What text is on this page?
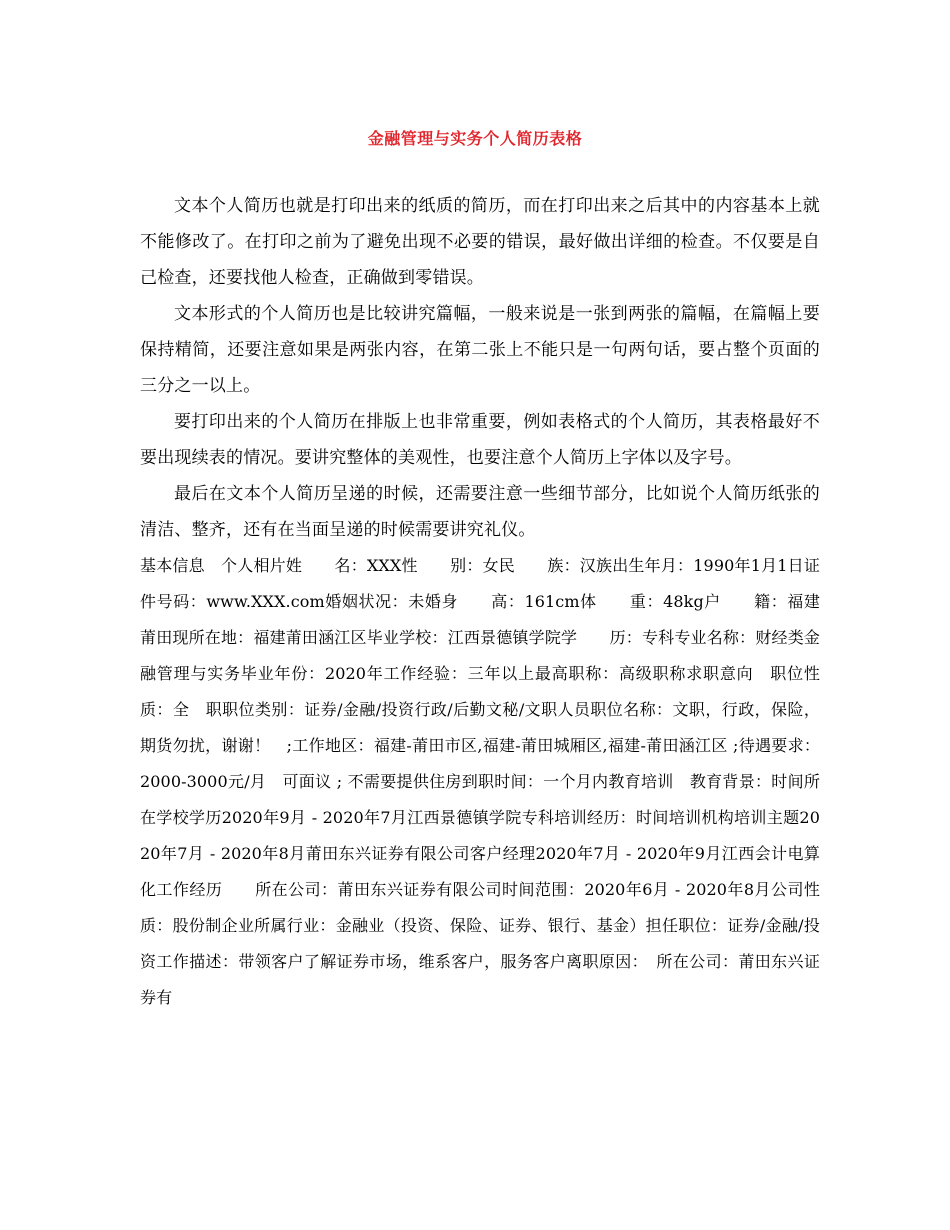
金融管理与实务个人简历表格

文本个人简历也就是打印出来的纸质的简历，而在打印出来之后其中的内容基本上就不能修改了。在打印之前为了避免出现不必要的错误，最好做出详细的检查。不仅要是自己检查，还要找他人检查，正确做到零错误。

文本形式的个人简历也是比较讲究篇幅，一般来说是一张到两张的篇幅，在篇幅上要保持精简，还要注意如果是两张内容，在第二张上不能只是一句两句话，要占整个页面的三分之一以上。

要打印出来的个人简历在排版上也非常重要，例如表格式的个人简历，其表格最好不要出现续表的情况。要讲究整体的美观性，也要注意个人简历上字体以及字号。

最后在文本个人简历呈递的时候，还需要注意一些细节部分，比如说个人简历纸张的清洁、整齐，还有在当面呈递的时候需要讲究礼仪。

基本信息　个人相片姓　　名：XXX性　　别：女民　　族：汉族出生年月：1990年1月1日证件号码：www.XXX.com婚姻状况：未婚身　　高：161cm体　　重：48kg户　　籍：福建莆田现所在地：福建莆田涵江区毕业学校：江西景德镇学院学　　历：专科专业名称：财经类金融管理与实务毕业年份：2020年工作经验：三年以上最高职称：高级职称求职意向　职位性质：全　职职位类别：证券/金融/投资行政/后勤文秘/文职人员职位名称：文职，行政，保险，期货勿扰，谢谢！　;工作地区：福建-莆田市区,福建-莆田城厢区,福建-莆田涵江区 ;待遇要求：2000-3000元/月　可面议 ; 不需要提供住房到职时间：一个月内教育培训　教育背景：时间所在学校学历2020年9月 - 2020年7月江西景德镇学院专科培训经历：时间培训机构培训主题2020年7月 - 2020年8月莆田东兴证券有限公司客户经理2020年7月 - 2020年9月江西会计电算化工作经历　　所在公司：莆田东兴证券有限公司时间范围：2020年6月 - 2020年8月公司性质：股份制企业所属行业：金融业（投资、保险、证券、银行、基金）担任职位：证券/金融/投资工作描述：带领客户了解证券市场，维系客户，服务客户离职原因：　所在公司：莆田东兴证券有
